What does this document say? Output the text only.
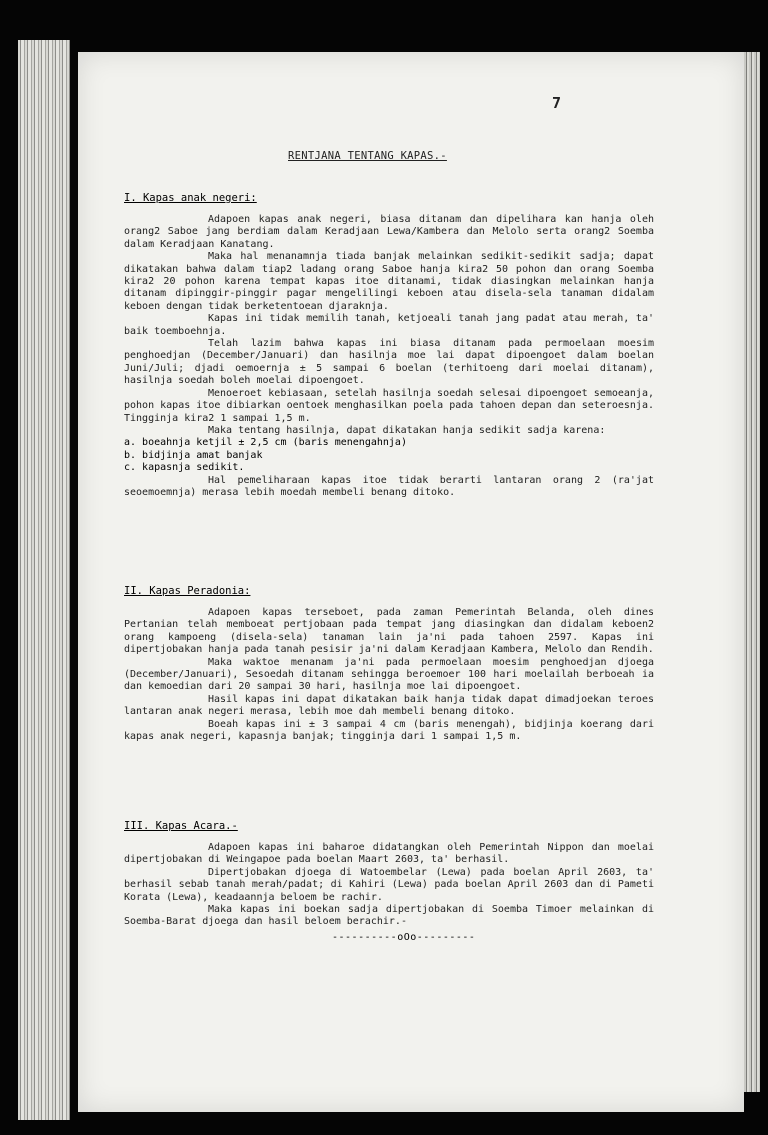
7
RENTJANA TENTANG KAPAS.-
I. Kapas anak negeri:

Adapoen kapas anak negeri, biasa ditanam dan dipelihara kan hanja oleh orang2 Saboe jang berdiam dalam Keradjaan Lewa/Kambera dan Melolo serta orang2 Soemba dalam Keradjaan Kanatang.

Maka hal menanamnja tiada banjak melainkan sedikit-sedikit sadja; dapat dikatakan bahwa dalam tiap2 ladang orang Saboe hanja kira2 50 pohon dan orang Soemba kira2 20 pohon karena tempat kapas itoe ditanami, tidak diasingkan melainkan hanja ditanam dipinggir-pinggir pagar mengelilingi keboen atau disela-sela tanaman didalam keboen dengan tidak berketentoean djaraknja.

Kapas ini tidak memilih tanah, ketjoeali tanah jang padat atau merah, ta' baik toemboehnja.

Telah lazim bahwa kapas ini biasa ditanam pada permoelaan moesim penghoedjan (December/Januari) dan hasilnja moe lai dapat dipoengoet dalam boelan Juni/Juli; djadi oemoernja ± 5 sampai 6 boelan (terhitoeng dari moelai ditanam), hasilnja soedah boleh moelai dipoengoet.

Menoeroet kebiasaan, setelah hasilnja soedah selesai dipoengoet semoeanja, pohon kapas itoe dibiarkan oentoek menghasilkan poela pada tahoen depan dan seteroesnja. Tingginja kira2 1 sampai 1,5 m.

Maka tentang hasilnja, dapat dikatakan hanja sedikit sadja karena:

a. boeahnja ketjil ± 2,5 cm (baris menengahnja)

b. bidjinja amat banjak

c. kapasnja sedikit.

Hal pemeliharaan kapas itoe tidak berarti lantaran orang 2 (ra'jat seoemoemnja) merasa lebih moedah membeli benang ditoko.

II. Kapas Peradonia:

Adapoen kapas terseboet, pada zaman Pemerintah Belanda, oleh dines Pertanian telah memboeat pertjobaan pada tempat jang diasingkan dan didalam keboen2 orang kampoeng (disela-sela) tanaman lain ja'ni pada tahoen 2597. Kapas ini dipertjobakan hanja pada tanah pesisir ja'ni dalam Keradjaan Kambera, Melolo dan Rendih.

Maka waktoe menanam ja'ni pada permoelaan moesim penghoedjan djoega (December/Januari), Sesoedah ditanam sehingga beroemoer 100 hari moelailah berboeah ia dan kemoedian dari 20 sampai 30 hari, hasilnja moe lai dipoengoet.

Hasil kapas ini dapat dikatakan baik hanja tidak dapat dimadjoekan teroes lantaran anak negeri merasa, lebih moe dah membeli benang ditoko.

Boeah kapas ini ± 3 sampai 4 cm (baris menengah), bidjinja koerang dari kapas anak negeri, kapasnja banjak; tingginja dari 1 sampai 1,5 m.

III. Kapas Acara.-

Adapoen kapas ini baharoe didatangkan oleh Pemerintah Nippon dan moelai dipertjobakan di Weingapoe pada boelan Maart 2603, ta' berhasil.

Dipertjobakan djoega di Watoembelar (Lewa) pada boelan April 2603, ta' berhasil sebab tanah merah/padat; di Kahiri (Lewa) pada boelan April 2603 dan di Pameti Korata (Lewa), keadaannja beloem be rachir.

Maka kapas ini boekan sadja dipertjobakan di Soemba Timoer melainkan di Soemba-Barat djoega dan hasil beloem berachir.-

----------oOo---------
